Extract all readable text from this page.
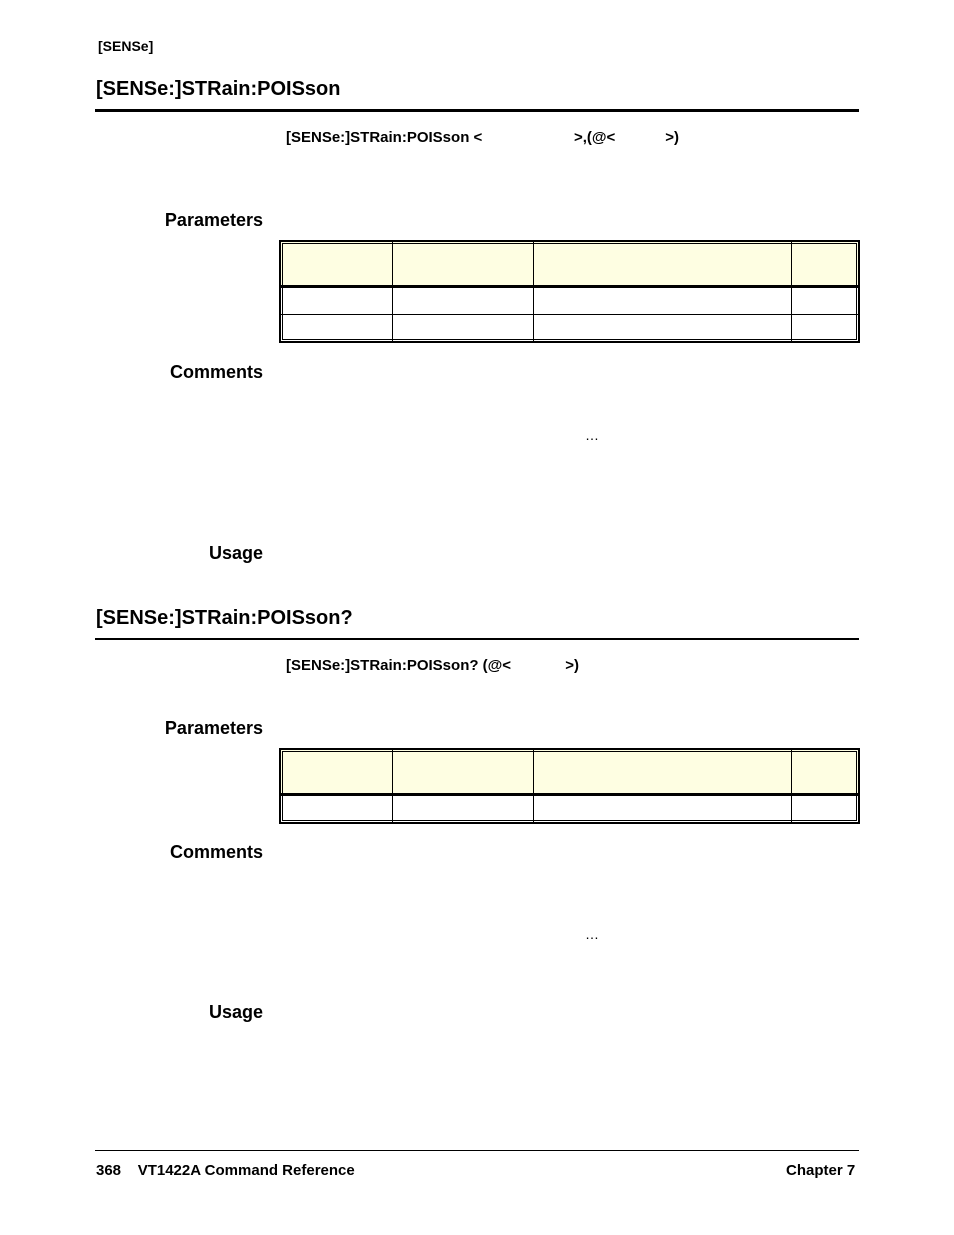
[SENSe]
[SENSe:]STRain:POISson
[SENSe:]STRain:POISson <                      >,(@<            >)
Parameters

Comments
…
Usage
[SENSe:]STRain:POISson?
[SENSe:]STRain:POISson? (@<             >)
Parameters

Comments
…
Usage
368    VT1422A Command Reference	Chapter 7
